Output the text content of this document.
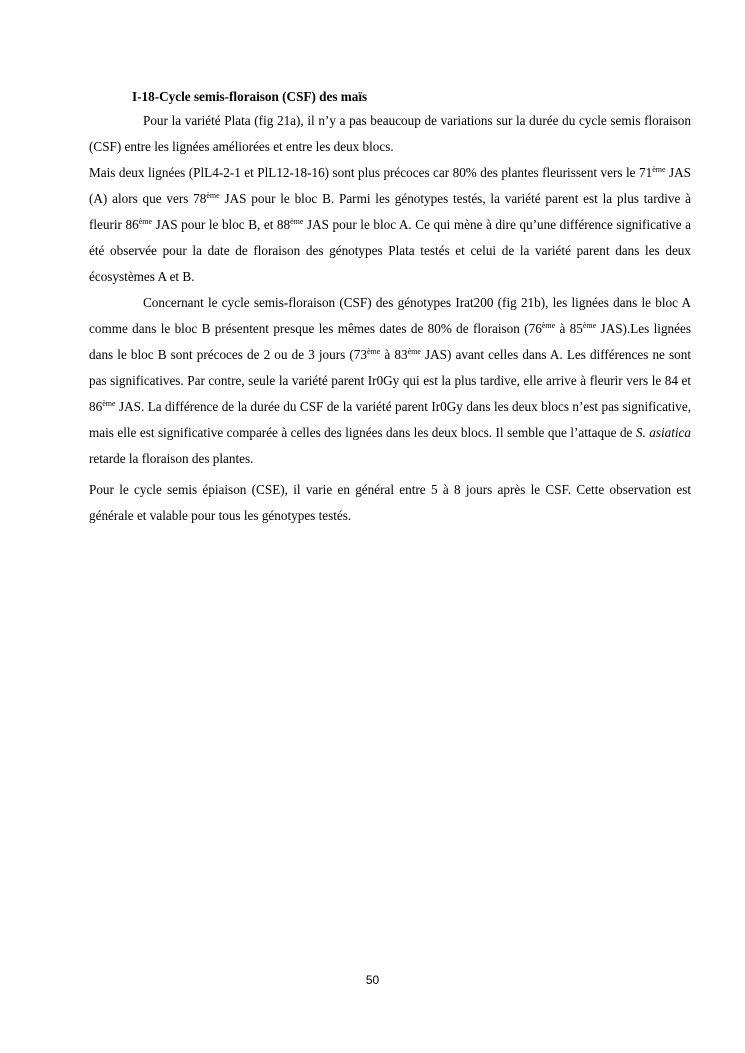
I-18-Cycle semis-floraison (CSF) des maïs

Pour la variété Plata (fig 21a), il n’y a pas beaucoup de variations sur la durée du cycle semis floraison (CSF) entre les lignées améliorées et entre les deux blocs.

Mais deux lignées (PlL4-2-1 et PlL12-18-16) sont plus précoces car 80% des plantes fleurissent vers le 71ème JAS (A) alors que vers 78ème JAS pour le bloc B. Parmi les génotypes testés, la variété parent est la plus tardive à fleurir 86ème JAS pour le bloc B, et 88ème JAS pour le bloc A. Ce qui mène à dire qu’une différence significative a été observée pour la date de floraison des génotypes Plata testés et celui de la variété parent dans les deux écosystèmes A et B.

Concernant le cycle semis-floraison (CSF) des génotypes Irat200 (fig 21b), les lignées dans le bloc A comme dans le bloc B présentent presque les mêmes dates de 80% de floraison (76ème à 85ème JAS).Les lignées dans le bloc B sont précoces de 2 ou de 3 jours (73ème à 83ème JAS) avant celles dans A. Les différences ne sont pas significatives. Par contre, seule la variété parent Ir0Gy qui est la plus tardive, elle arrive à fleurir vers le 84 et 86ème JAS. La différence de la durée du CSF de la variété parent Ir0Gy dans les deux blocs n’est pas significative, mais elle est significative comparée à celles des lignées dans les deux blocs. Il semble que l’attaque de S. asiatica retarde la floraison des plantes.

Pour le cycle semis épiaison (CSE), il varie en général entre 5 à 8 jours après le CSF. Cette observation est générale et valable pour tous les génotypes testés.

50
